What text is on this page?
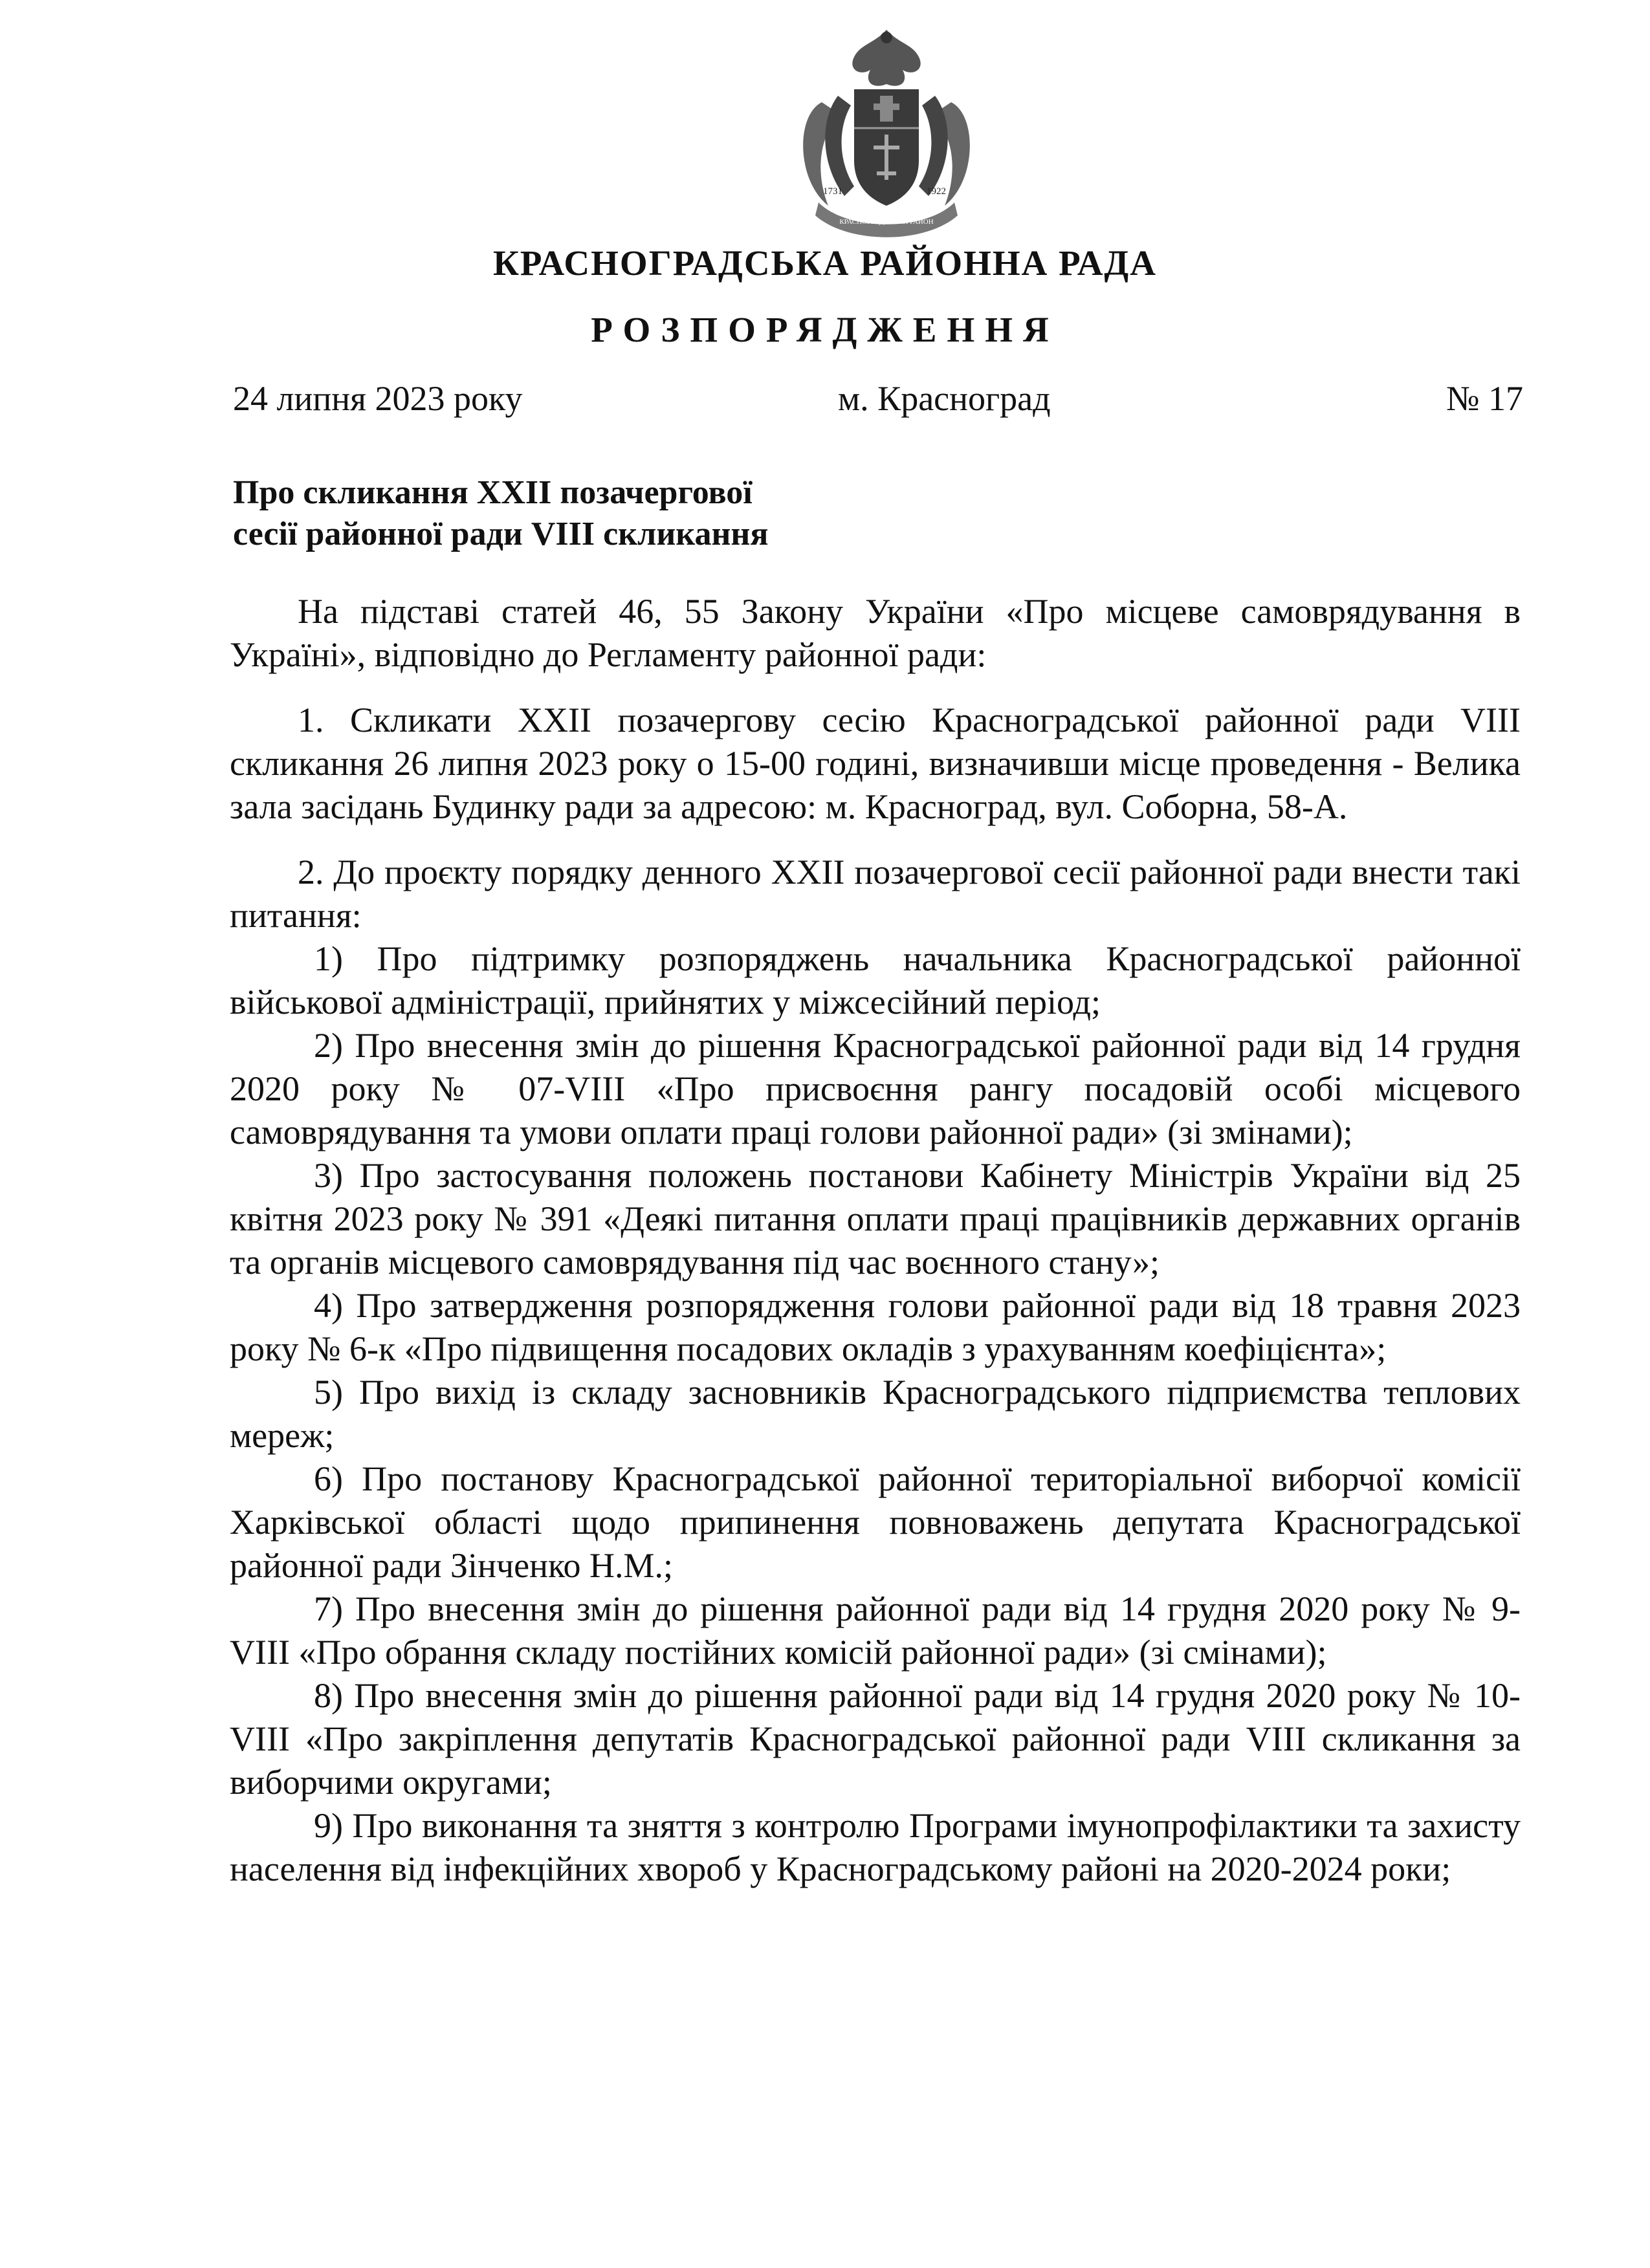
1731	1922
КРАСНОГРАДСЬКИЙ РАЙОН
КРАСНОГРАДСЬКА РАЙОННА РАДА
РОЗПОРЯДЖЕННЯ
24 липня 2023 року	м. Красноград	№ 17
Про скликання XXII позачергової
сесії районної ради VIII скликання

На підставі статей 46, 55 Закону України «Про місцеве самоврядування в Україні», відповідно до Регламенту районної ради:

1. Скликати XXII позачергову сесію Красноградської районної ради VIII скликання 26 липня 2023 року о 15-00 годині, визначивши місце проведення - Велика зала засідань Будинку ради за адресою: м. Красноград, вул. Соборна, 58-А.

2. До проєкту порядку денного XXII позачергової сесії районної ради внести такі питання:

1) Про підтримку розпоряджень начальника Красноградської районної військової адміністрації, прийнятих у міжсесійний період;

2) Про внесення змін до рішення Красноградської районної ради від 14 грудня 2020 року № 07-VIII «Про присвоєння рангу посадовій особі місцевого самоврядування та умови оплати праці голови районної ради» (зі змінами);

3) Про застосування положень постанови Кабінету Міністрів України від 25 квітня 2023 року № 391 «Деякі питання оплати праці працівників державних органів та органів місцевого самоврядування під час воєнного стану»;

4) Про затвердження розпорядження голови районної ради від 18 травня 2023 року № 6-к «Про підвищення посадових окладів з урахуванням коефіцієнта»;

5) Про вихід із складу засновників Красноградського підприємства теплових мереж;

6) Про постанову Красноградської районної територіальної виборчої комісії Харківської області щодо припинення повноважень депутата Красноградської районної ради Зінченко Н.М.;

7) Про внесення змін до рішення районної ради від 14 грудня 2020 року № 9-VIII «Про обрання складу постійних комісій районної ради» (зі смінами);

8) Про внесення змін до рішення районної ради від 14 грудня 2020 року № 10-VIII «Про закріплення депутатів Красноградської районної ради VIII скликання за виборчими округами;

9) Про виконання та зняття з контролю Програми імунопрофілактики та захисту населення від інфекційних хвороб у Красноградському районі на 2020-2024 роки;
